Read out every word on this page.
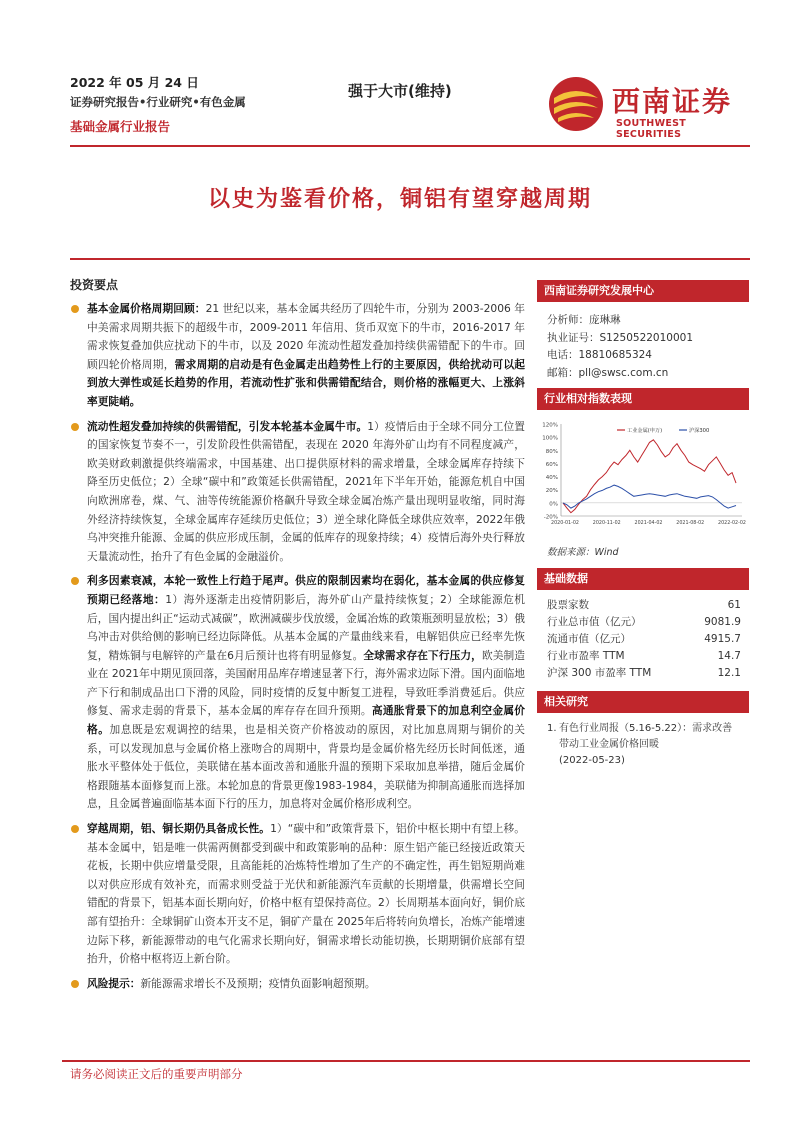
2022 年 05 月 24 日
证券研究报告•行业研究•有色金属
基础金属行业报告
强于大市(维持)	西南证券
SOUTHWEST SECURITIES
以史为鉴看价格，铜铝有望穿越周期
投资要点
基本金属价格周期回顾：21 世纪以来，基本金属共经历了四轮牛市，分别为 2003-2006 年中美需求周期共振下的超级牛市，2009-2011 年信用、货币双宽下的牛市，2016-2017 年需求恢复叠加供应扰动下的牛市，以及 2020 年流动性超发叠加持续供需错配下的牛市。回顾四轮价格周期，需求周期的启动是有色金属走出趋势性上行的主要原因，供给扰动可以起到放大弹性或延长趋势的作用，若流动性扩张和供需错配结合，则价格的涨幅更大、上涨斜率更陡峭。
流动性超发叠加持续的供需错配，引发本轮基本金属牛市。1）疫情后由于全球不同分工位置的国家恢复节奏不一，引发阶段性供需错配，表现在 2020 年海外矿山均有不同程度减产，欧美财政刺激提供终端需求，中国基建、出口提供原材料的需求增量，全球金属库存持续下降至历史低位；2）全球“碳中和”政策延长供需错配，2021年下半年开始，能源危机自中国向欧洲席卷，煤、气、油等传统能源价格飙升导致全球金属冶炼产量出现明显收缩，同时海外经济持续恢复，全球金属库存延续历史低位；3）逆全球化降低全球供应效率，2022年俄乌冲突推升能源、金属的供应形成压制，金属的低库存的现象持续；4）疫情后海外央行释放天量流动性，抬升了有色金属的金融溢价。
利多因素衰减，本轮一致性上行趋于尾声。供应的限制因素均在弱化，基本金属的供应修复预期已经落地：1）海外逐渐走出疫情阴影后，海外矿山产量持续恢复；2）全球能源危机后，国内提出纠正“运动式减碳”，欧洲减碳步伐放缓，金属冶炼的政策瓶颈明显放松；3）俄乌冲击对供给侧的影响已经边际降低。从基本金属的产量曲线来看，电解铝供应已经率先恢复，精炼铜与电解锌的产量在6月后预计也将有明显修复。全球需求存在下行压力，欧美制造业在 2021年中期见顶回落，美国耐用品库存增速显著下行，海外需求边际下滑。国内面临地产下行和制成品出口下滑的风险，同时疫情的反复中断复工进程，导致旺季消费延后。供应修复、需求走弱的背景下，基本金属的库存存在回升预期。高通胀背景下的加息利空金属价格。加息既是宏观调控的结果，也是相关资产价格波动的原因，对比加息周期与铜价的关系，可以发现加息与金属价格上涨吻合的周期中，背景均是金属价格先经历长时间低迷，通胀水平整体处于低位，美联储在基本面改善和通胀升温的预期下采取加息举措，随后金属价格跟随基本面修复而上涨。本轮加息的背景更像1983-1984，美联储为抑制高通胀而选择加息，且金属普遍面临基本面下行的压力，加息将对金属价格形成利空。
穿越周期，铝、铜长期仍具备成长性。1）“碳中和”政策背景下，铝价中枢长期中有望上移。基本金属中，铝是唯一供需两侧都受到碳中和政策影响的品种：原生铝产能已经接近政策天花板，长期中供应增量受限，且高能耗的冶炼特性增加了生产的不确定性，再生铝短期尚难以对供应形成有效补充，而需求则受益于光伏和新能源汽车贡献的长期增量，供需增长空间错配的背景下，铝基本面长期向好，价格中枢有望保持高位。2）长周期基本面向好，铜价底部有望抬升：全球铜矿山资本开支不足，铜矿产量在 2025年后将转向负增长，冶炼产能增速边际下移，新能源带动的电气化需求长期向好，铜需求增长动能切换，长期期铜价底部有望抬升，价格中枢将迈上新台阶。
风险提示：新能源需求增长不及预期；疫情负面影响超预期。
西南证券研究发展中心
分析师：庞琳琳
执业证号：S1250522010001
电话：18810685324
邮箱：pll@swsc.com.cn
行业相对指数表现
120%
100%
80%
60%
40%
20%
0%
-20%
2020-01-02	2020-11-02	2021-04-02	2021-08-02	2022-02-02
工业金属(申万)	沪深300
数据来源：Wind
基础数据
股票家数	61
行业总市值（亿元）	9081.9
流通市值（亿元）	4915.7
行业市盈率 TTM	14.7
沪深 300 市盈率 TTM	12.1
相关研究
1. 有色行业周报（5.16-5.22）：需求改善
带动工业金属价格回暖
(2022-05-23)
请务必阅读正文后的重要声明部分
